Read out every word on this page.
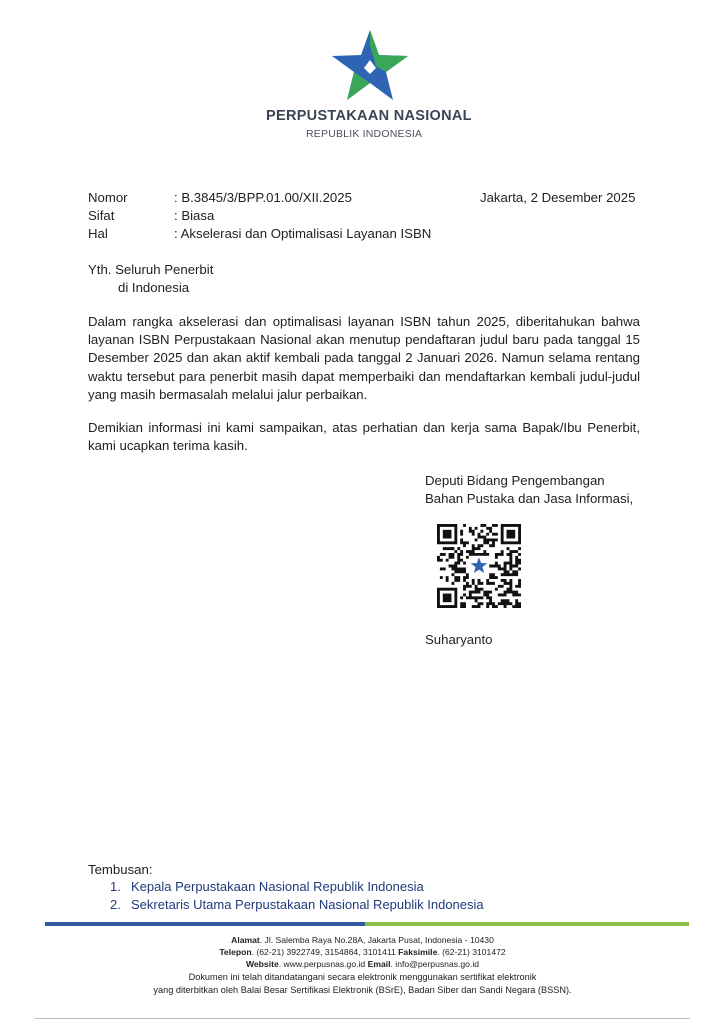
PERPUSTAKAAN NASIONAL
REPUBLIK INDONESIA
Nomor	: B.3845/3/BPP.01.00/XII.2025
Sifat	: Biasa
Hal	: Akselerasi dan Optimalisasi Layanan ISBN
Jakarta, 2 Desember 2025
Yth. Seluruh Penerbit
di Indonesia
Dalam rangka akselerasi dan optimalisasi layanan ISBN tahun 2025, diberitahukan bahwa layanan ISBN Perpustakaan Nasional akan menutup pendaftaran judul baru pada tanggal 15 Desember 2025 dan akan aktif kembali pada tanggal 2 Januari 2026. Namun selama rentang waktu tersebut para penerbit masih dapat memperbaiki dan mendaftarkan kembali judul-judul yang masih bermasalah melalui jalur perbaikan.
Demikian informasi ini kami sampaikan, atas perhatian dan kerja sama Bapak/Ibu Penerbit, kami ucapkan terima kasih.
Deputi Bidang Pengembangan
Bahan Pustaka dan Jasa Informasi,
Suharyanto
Tembusan:
1. Kepala Perpustakaan Nasional Republik Indonesia
2. Sekretaris Utama Perpustakaan Nasional Republik Indonesia
Alamat. Jl. Salemba Raya No.28A, Jakarta Pusat, Indonesia - 10430
Telepon. (62-21) 3922749, 3154864, 3101411 Faksimile. (62-21) 3101472
Website. www.perpusnas.go.id Email. info@perpusnas.go.id
Dokumen ini telah ditandatangani secara elektronik menggunakan sertifikat elektronik
yang diterbitkan oleh Balai Besar Sertifikasi Elektronik (BSrE), Badan Siber dan Sandi Negara (BSSN).
